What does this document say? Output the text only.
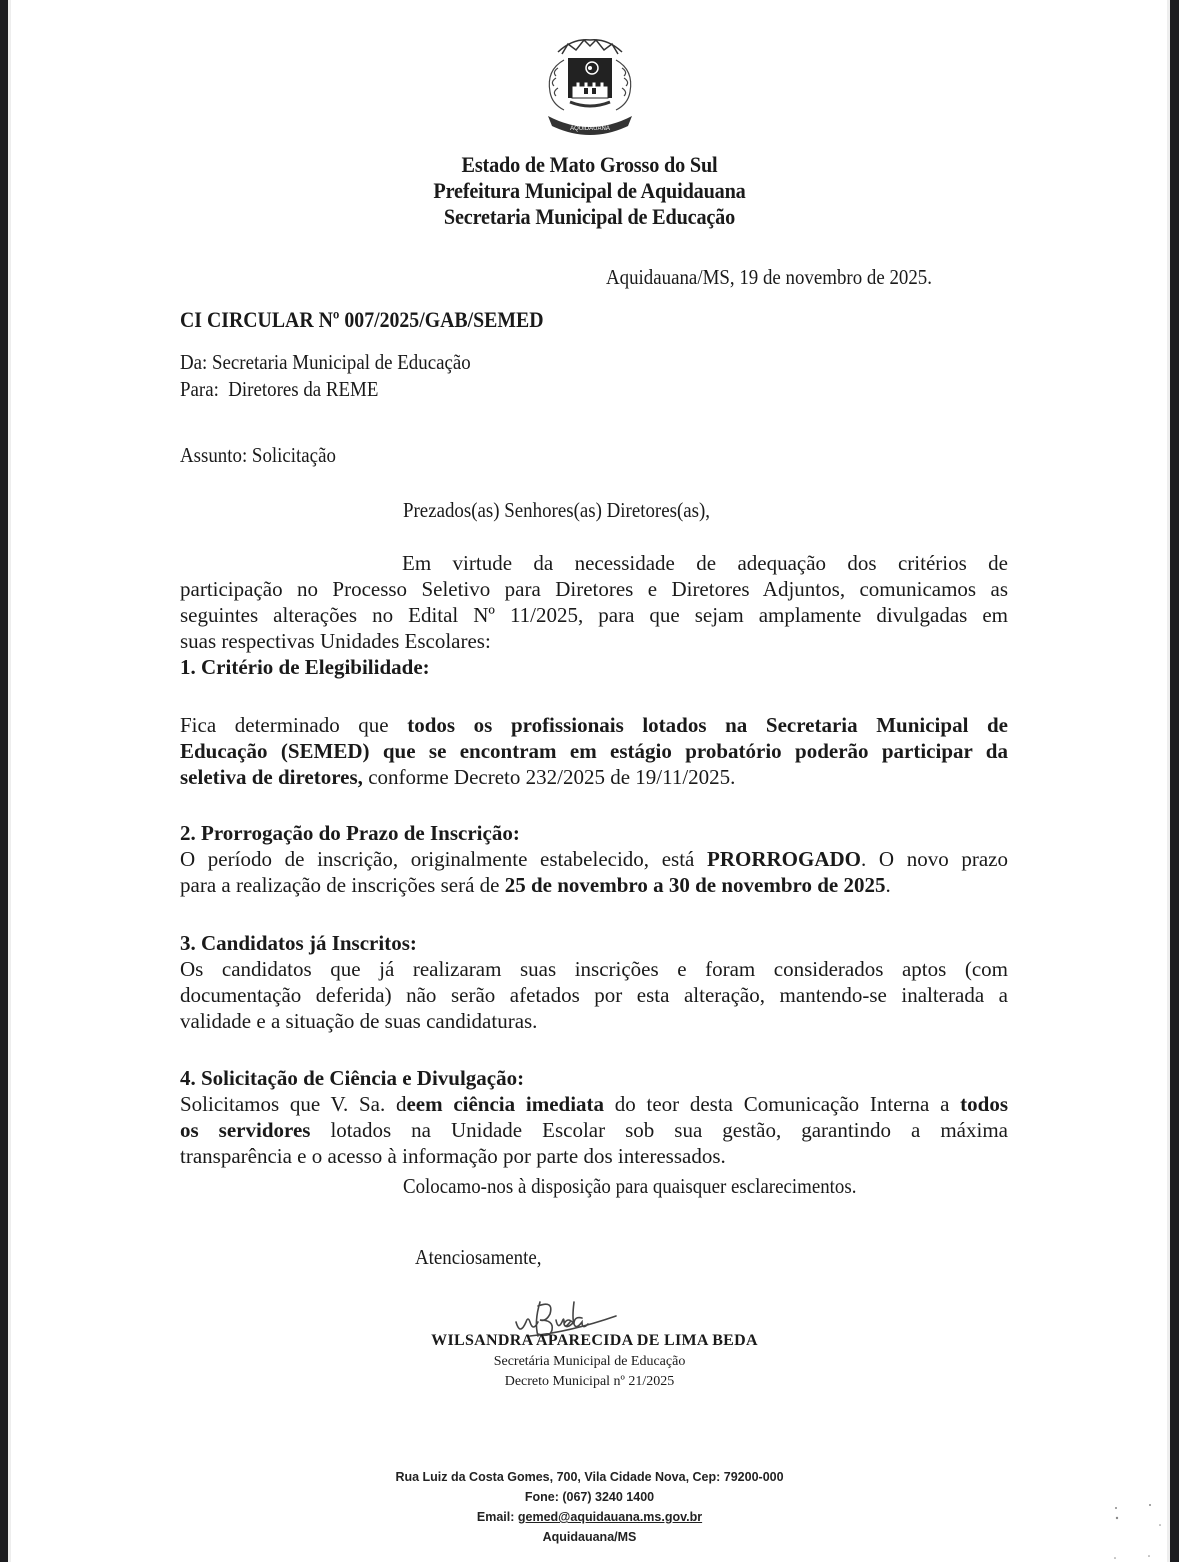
AQUIDAUANA
Estado de Mato Grosso do Sul
Prefeitura Municipal de Aquidauana
Secretaria Municipal de Educação
Aquidauana/MS, 19 de novembro de 2025.
CI CIRCULAR Nº 007/2025/GAB/SEMED
Da: Secretaria Municipal de Educação
Para:  Diretores da REME
Assunto: Solicitação
Prezados(as) Senhores(as) Diretores(as),
Em virtude da necessidade de adequação dos critérios de
participação no Processo Seletivo para Diretores e Diretores Adjuntos, comunicamos as
seguintes alterações no Edital Nº 11/2025, para que sejam amplamente divulgadas em
suas respectivas Unidades Escolares:
1. Critério de Elegibilidade:
Fica determinado que todos os profissionais lotados na Secretaria Municipal de
Educação (SEMED) que se encontram em estágio probatório poderão participar da
seletiva de diretores, conforme Decreto 232/2025 de 19/11/2025.
2. Prorrogação do Prazo de Inscrição:
O período de inscrição, originalmente estabelecido, está PRORROGADO. O novo prazo
para a realização de inscrições será de 25 de novembro a 30 de novembro de 2025.
3. Candidatos já Inscritos:
Os candidatos que já realizaram suas inscrições e foram considerados aptos (com
documentação deferida) não serão afetados por esta alteração, mantendo-se inalterada a
validade e a situação de suas candidaturas.
4. Solicitação de Ciência e Divulgação:
Solicitamos que V. Sa. deem ciência imediata do teor desta Comunicação Interna a todos
os servidores lotados na Unidade Escolar sob sua gestão, garantindo a máxima
transparência e o acesso à informação por parte dos interessados.
Colocamo-nos à disposição para quaisquer esclarecimentos.
Atenciosamente,
WILSANDRA APARECIDA DE LIMA BEDA
Secretária Municipal de Educação
Decreto Municipal nº 21/2025
Rua Luiz da Costa Gomes, 700, Vila Cidade Nova, Cep: 79200-000
Fone: (067) 3240 1400
Email: gemed@aquidauana.ms.gov.br
Aquidauana/MS
